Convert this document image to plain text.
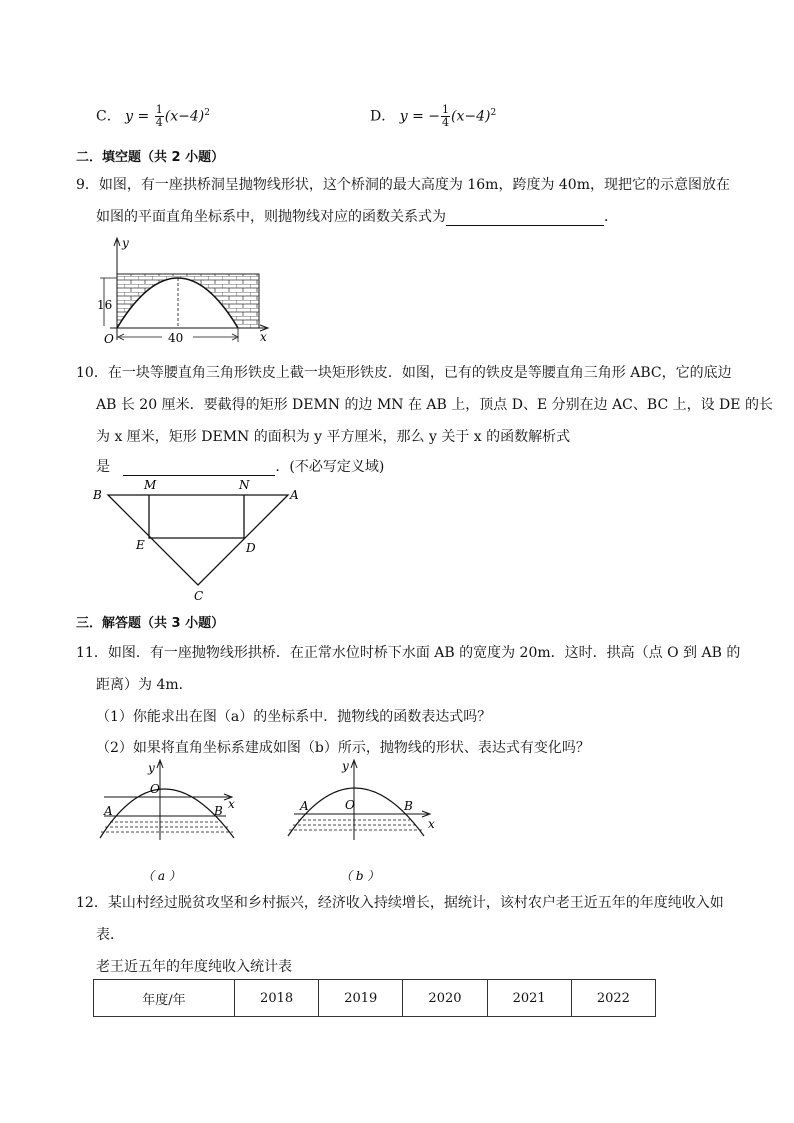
C． $y = \frac{1}{4} (x-4)^2$	D． y = − $\frac{1}{4} (x-4)^2$
二．填空题（共 2 小题）
9．如图，有一座拱桥洞呈抛物线形状，这个桥洞的最大高度为 16m，跨度为 40m，现把它的示意图放在
如图的平面直角坐标系中，则抛物线对应的函数关系式为	．
y
x
O
16
40
10．在一块等腰直角三角形铁皮上截一块矩形铁皮．如图，已有的铁皮是等腰直角三角形 ABC，它的底边
AB 长 20 厘米．要截得的矩形 DEMN 的边 MN 在 AB 上，顶点 D、E 分别在边 AC、BC 上，设 DE 的长
为 x 厘米，矩形 DEMN 的面积为 y 平方厘米，那么 y 关于 x 的函数解析式
是	．(不必写定义域)
B
M	N
A
E	D
C
三．解答题（共 3 小题）
11．如图．有一座抛物线形拱桥．在正常水位时桥下水面 AB 的宽度为 20m．这时．拱高（点 O 到 AB 的
距离）为 4m．
（1）你能求出在图（a）的坐标系中．抛物线的函数表达式吗？
（2）如果将直角坐标系建成如图（b）所示，抛物线的形状、表达式有变化吗？
y
x
O
A	B
（ a ）
y
x
O
A	B
（ b ）
12．某山村经过脱贫攻坚和乡村振兴，经济收入持续增长，据统计，该村农户老王近五年的年度纯收入如
表．
老王近五年的年度纯收入统计表
年度/年	2018	2019	2020	2021	2022
